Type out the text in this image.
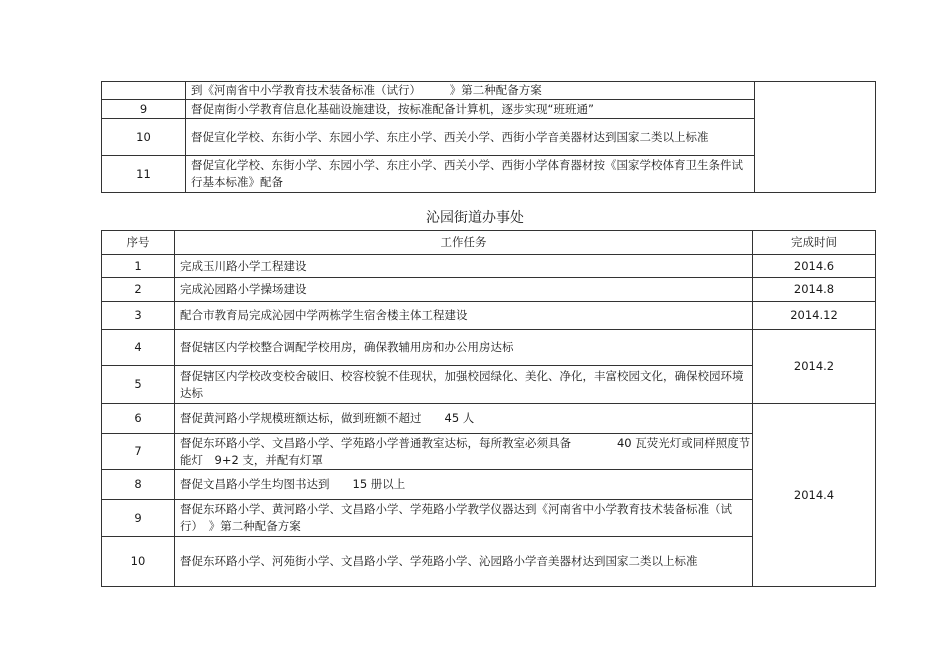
	到《河南省中小学教育技术装备标准（试行）　　　》第二种配备方案	
9	督促南街小学教育信息化基础设施建设，按标准配备计算机，逐步实现“班班通”	
10	督促宣化学校、东街小学、东园小学、东庄小学、西关小学、西街小学音美器材达到国家二类以上标准	
11	督促宣化学校、东街小学、东园小学、东庄小学、西关小学、西街小学体育器材按《国家学校体育卫生条件试行基本标准》配备	
沁园街道办事处
序号	工作任务	完成时间
1	完成玉川路小学工程建设	2014.6
2	完成沁园路小学操场建设	2014.8
3	配合市教育局完成沁园中学两栋学生宿舍楼主体工程建设	2014.12
4	督促辖区内学校整合调配学校用房，确保教辅用房和办公用房达标	2014.2
5	督促辖区内学校改变校舍破旧、校容校貌不佳现状，加强校园绿化、美化、净化，丰富校园文化，确保校园环境达标	
6	督促黄河路小学规模班额达标，做到班额不超过　　45 人	2014.4
7	督促东环路小学、文昌路小学、学苑路小学普通教室达标，每所教室必须具备　　　　40 瓦荧光灯或同样照度节能灯　9+2 支，并配有灯罩	
8	督促文昌路小学生均图书达到　　15 册以上	
9	督促东环路小学、黄河路小学、文昌路小学、学苑路小学教学仪器达到《河南省中小学教育技术装备标准（试行）　》第二种配备方案	
10	督促东环路小学、河苑街小学、文昌路小学、学苑路小学、沁园路小学音美器材达到国家二类以上标准	
